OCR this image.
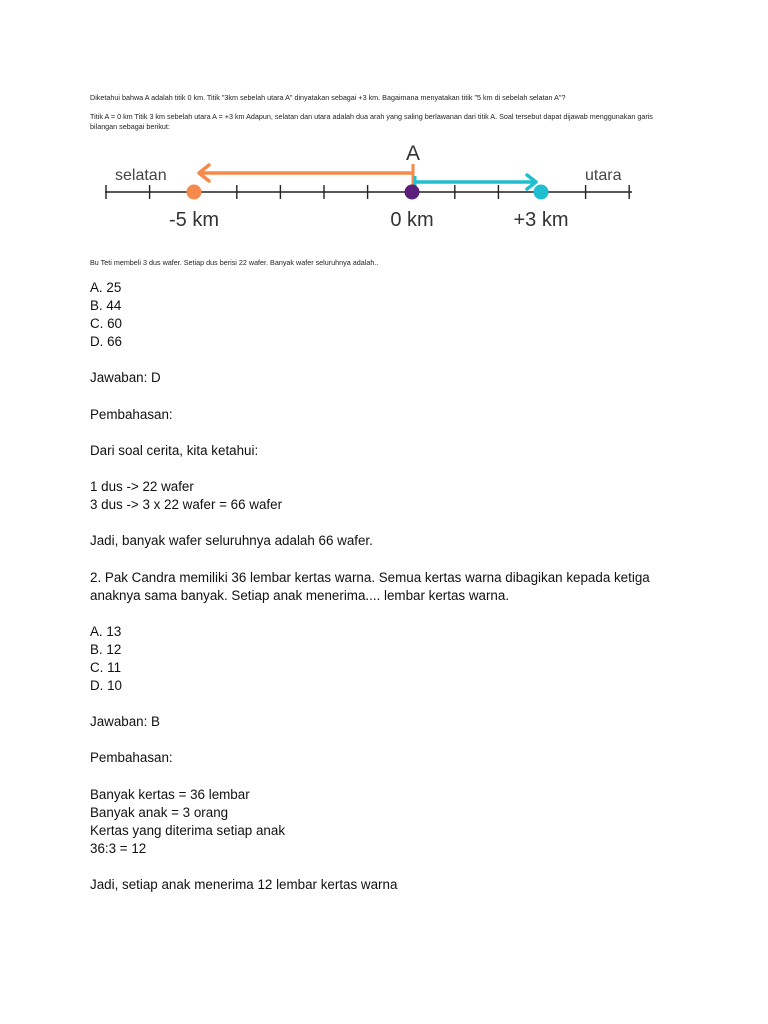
Diketahui bahwa A adalah titik 0 km. Titik "3km sebelah utara A" dinyatakan sebagai +3 km. Bagaimana menyatakan titik "5 km di sebelah selatan A"?
Titik A = 0 km Titik 3 km sebelah utara A = +3 km Adapun, selatan dan utara adalah dua arah yang saling berlawanan dari titik A. Soal tersebut dapat dijawab menggunakan garis bilangan sebagai berikut:
Bu Teti membeli 3 dus wafer. Setiap dus berisi 22 wafer. Banyak wafer seluruhnya adalah..

A. 25

B. 44

C. 60

D. 66

Jawaban: D

Pembahasan:

Dari soal cerita, kita ketahui:

1 dus -> 22 wafer

3 dus -> 3 x 22 wafer = 66 wafer

Jadi, banyak wafer seluruhnya adalah 66 wafer.

2. Pak Candra memiliki 36 lembar kertas warna. Semua kertas warna dibagikan kepada ketiga anaknya sama banyak. Setiap anak menerima.... lembar kertas warna.

A. 13

B. 12

C. 11

D. 10

Jawaban: B

Pembahasan:

Banyak kertas = 36 lembar

Banyak anak = 3 orang

Kertas yang diterima setiap anak

36:3 = 12

Jadi, setiap anak menerima 12 lembar kertas warna

A
selatan	utara
-5 km	0 km	+3 km
